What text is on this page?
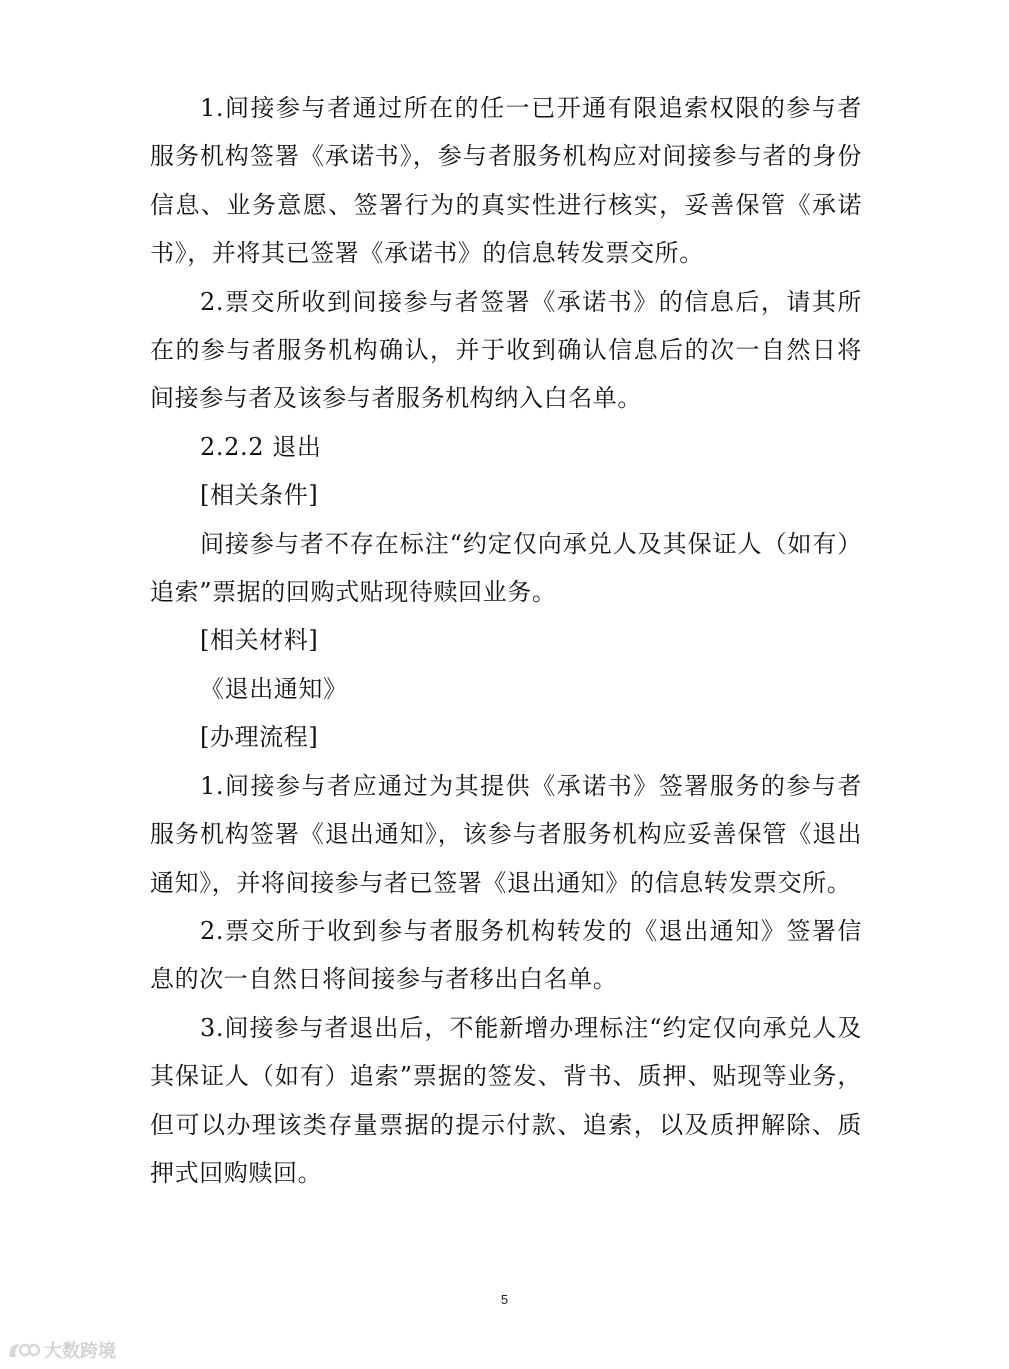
1.间接参与者通过所在的任一已开通有限追索权限的参与者服务机构签署《承诺书》，参与者服务机构应对间接参与者的身份信息、业务意愿、签署行为的真实性进行核实，妥善保管《承诺书》，并将其已签署《承诺书》的信息转发票交所。

2.票交所收到间接参与者签署《承诺书》的信息后，请其所在的参与者服务机构确认，并于收到确认信息后的次一自然日将间接参与者及该参与者服务机构纳入白名单。

2.2.2 退出

[相关条件]

间接参与者不存在标注“约定仅向承兑人及其保证人（如有）追索”票据的回购式贴现待赎回业务。

[相关材料]

《退出通知》

[办理流程]

1.间接参与者应通过为其提供《承诺书》签署服务的参与者服务机构签署《退出通知》，该参与者服务机构应妥善保管《退出通知》，并将间接参与者已签署《退出通知》的信息转发票交所。

2.票交所于收到参与者服务机构转发的《退出通知》签署信息的次一自然日将间接参与者移出白名单。

3.间接参与者退出后，不能新增办理标注“约定仅向承兑人及其保证人（如有）追索”票据的签发、背书、质押、贴现等业务，但可以办理该类存量票据的提示付款、追索，以及质押解除、质押式回购赎回。

5
大数跨境
